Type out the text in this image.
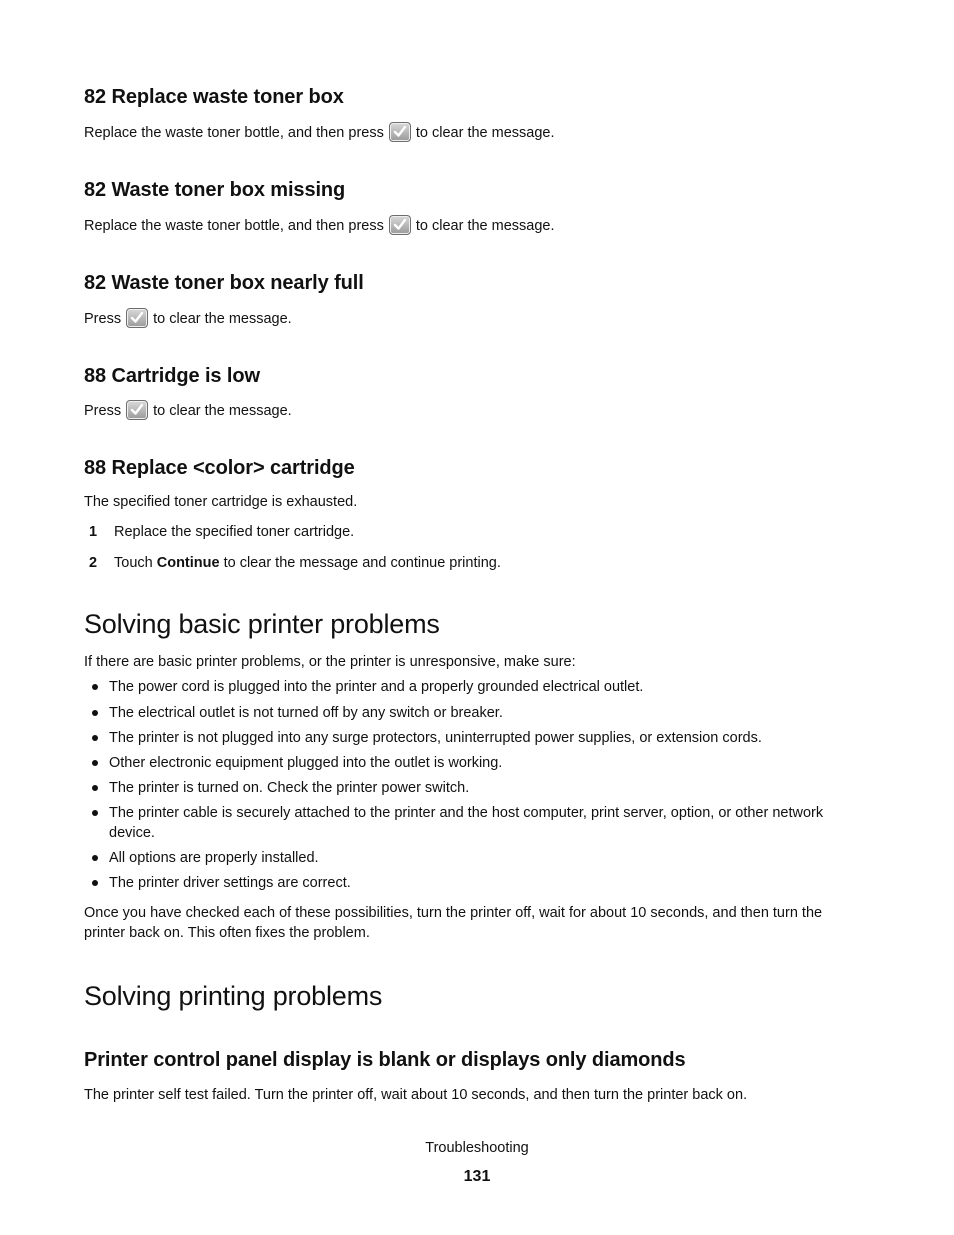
82 Replace waste toner box
Replace the waste toner bottle, and then press to clear the message.
82 Waste toner box missing
Replace the waste toner bottle, and then press to clear the message.
82 Waste toner box nearly full
Press to clear the message.
88 Cartridge is low
Press to clear the message.
88 Replace <color> cartridge
The specified toner cartridge is exhausted.
1 Replace the specified toner cartridge.
2 Touch Continue to clear the message and continue printing.
Solving basic printer problems
If there are basic printer problems, or the printer is unresponsive, make sure:
The power cord is plugged into the printer and a properly grounded electrical outlet.
The electrical outlet is not turned off by any switch or breaker.
The printer is not plugged into any surge protectors, uninterrupted power supplies, or extension cords.
Other electronic equipment plugged into the outlet is working.
The printer is turned on. Check the printer power switch.
The printer cable is securely attached to the printer and the host computer, print server, option, or other network
device.
All options are properly installed.
The printer driver settings are correct.
Once you have checked each of these possibilities, turn the printer off, wait for about 10 seconds, and then turn the
printer back on. This often fixes the problem.
Solving printing problems
Printer control panel display is blank or displays only diamonds
The printer self test failed. Turn the printer off, wait about 10 seconds, and then turn the printer back on.
Troubleshooting
131
